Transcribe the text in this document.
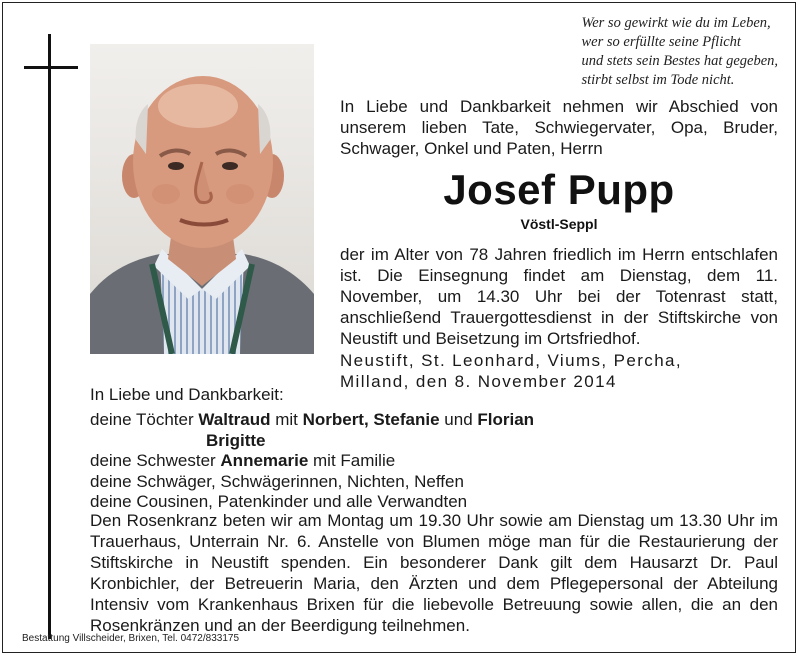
Wer so gewirkt wie du im Leben,
wer so erfüllte seine Pflicht
und stets sein Bestes hat gegeben,
stirbt selbst im Tode nicht.
In Liebe und Dankbarkeit nehmen wir Abschied von unserem lieben Tate, Schwiegervater, Opa, Bruder, Schwager, Onkel und Paten, Herrn
Josef Pupp
Vöstl-Seppl
der im Alter von 78 Jahren friedlich im Herrn entschlafen ist. Die Einsegnung findet am Dienstag, dem 11. November, um 14.30 Uhr bei der Totenrast statt, anschließend Trauergottesdienst in der Stiftskirche von Neustift und Beisetzung im Ortsfriedhof.
Neustift, St. Leonhard, Viums, Percha,
Milland, den 8. November 2014
In Liebe und Dankbarkeit:
deine Töchter Waltraud mit Norbert, Stefanie und Florian
Brigitte
deine Schwester Annemarie mit Familie
deine Schwäger, Schwägerinnen, Nichten, Neffen
deine Cousinen, Patenkinder und alle Verwandten
Den Rosenkranz beten wir am Montag um 19.30 Uhr sowie am Dienstag um 13.30 Uhr im Trauerhaus, Unterrain Nr. 6. Anstelle von Blumen möge man für die Restaurierung der Stiftskirche in Neustift spenden. Ein besonderer Dank gilt dem Hausarzt Dr. Paul Kronbichler, der Betreuerin Maria, den Ärzten und dem Pflegepersonal der Abteilung Intensiv vom Krankenhaus Brixen für die liebevolle Betreuung sowie allen, die an den Rosenkränzen und an der Beerdigung teilnehmen.
Bestattung Villscheider, Brixen, Tel. 0472/833175
